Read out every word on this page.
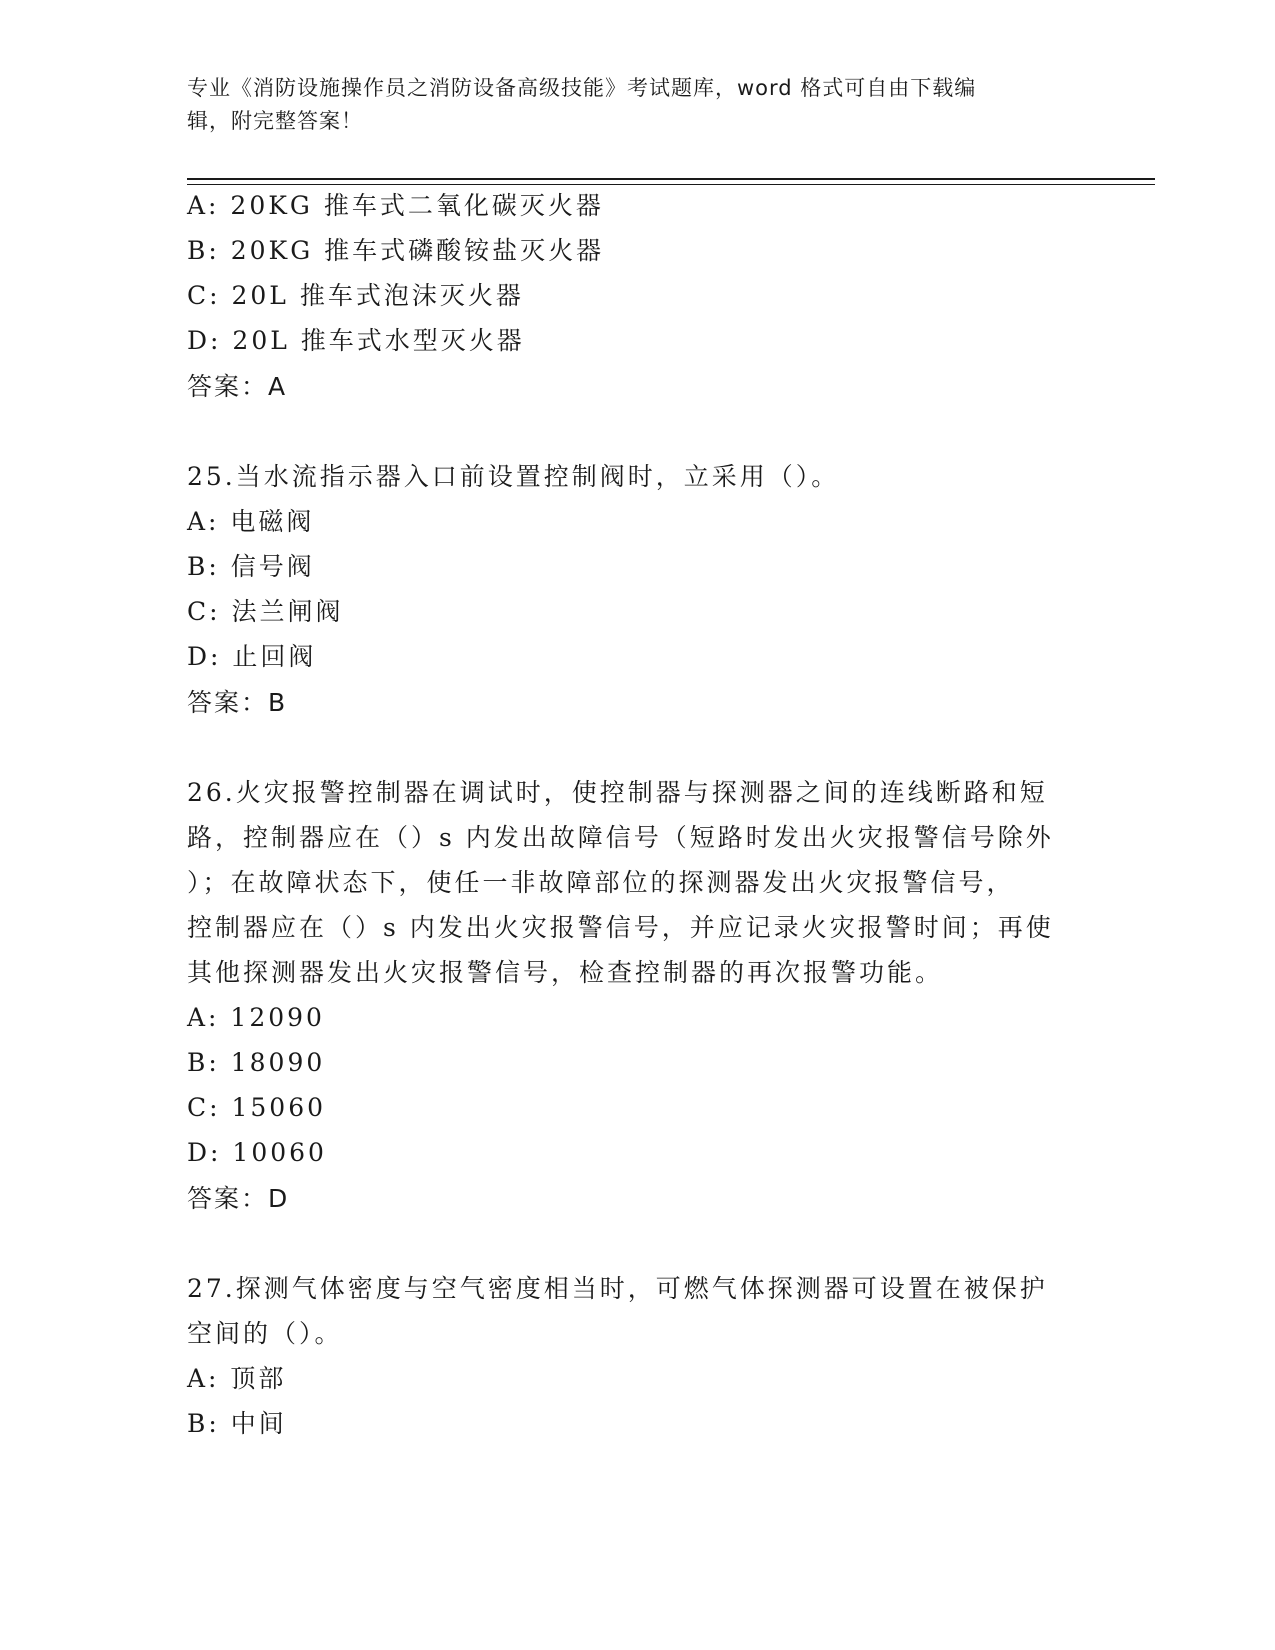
专业《消防设施操作员之消防设备高级技能》考试题库，word 格式可自由下载编
辑，附完整答案！
A: 20KG 推车式二氧化碳灭火器
B: 20KG 推车式磷酸铵盐灭火器
C: 20L 推车式泡沫灭火器
D: 20L 推车式水型灭火器
答案：A
25.当水流指示器入口前设置控制阀时，立采用（）。
A: 电磁阀
B: 信号阀
C: 法兰闸阀
D: 止回阀
答案：B
26.火灾报警控制器在调试时，使控制器与探测器之间的连线断路和短
路，控制器应在（）s 内发出故障信号（短路时发出火灾报警信号除外
）；在故障状态下，使任一非故障部位的探测器发出火灾报警信号，
控制器应在（）s 内发出火灾报警信号，并应记录火灾报警时间；再使
其他探测器发出火灾报警信号，检查控制器的再次报警功能。
A: 12090
B: 18090
C: 15060
D: 10060
答案：D
27.探测气体密度与空气密度相当时，可燃气体探测器可设置在被保护
空间的（）。
A: 顶部
B: 中间
